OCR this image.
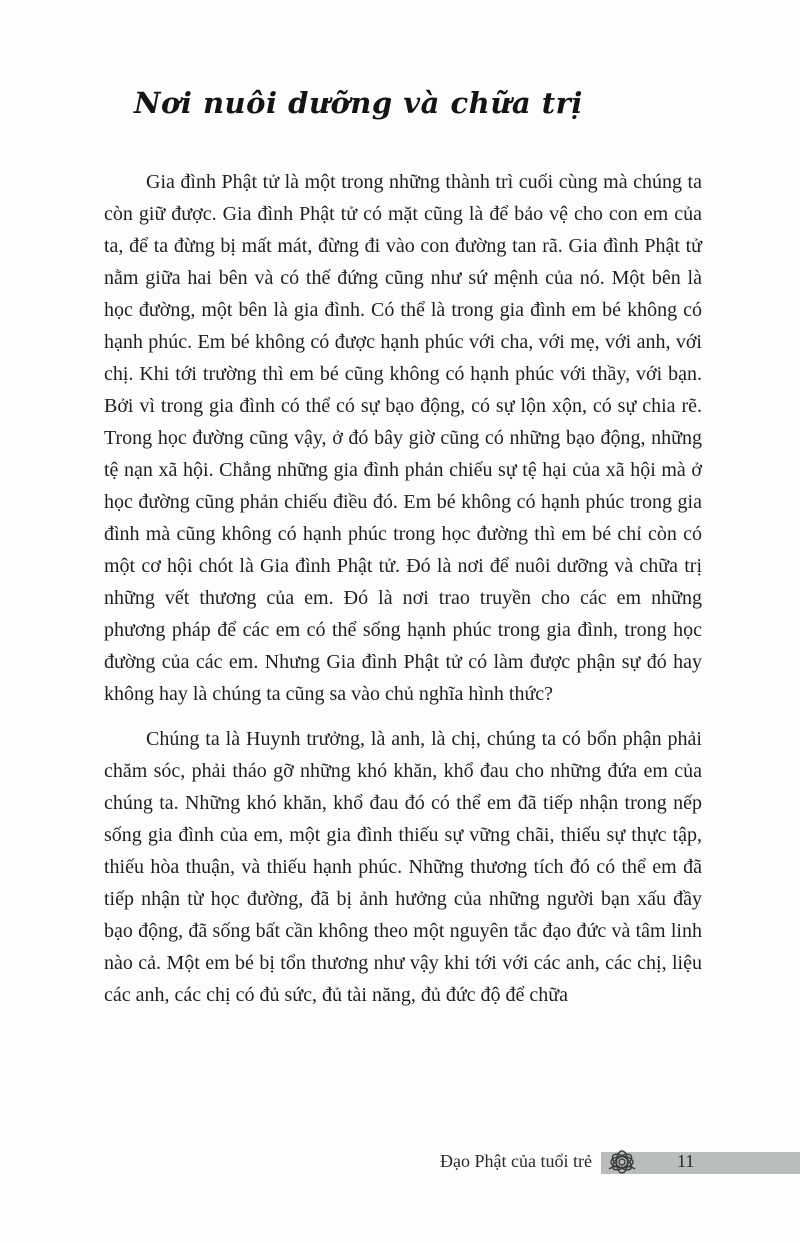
Nơi nuôi dưỡng và chữa trị

Gia đình Phật tử là một trong những thành trì cuối cùng mà chúng ta còn giữ được. Gia đình Phật tử có mặt cũng là để bảo vệ cho con em của ta, để ta đừng bị mất mát, đừng đi vào con đường tan rã. Gia đình Phật tử nằm giữa hai bên và có thế đứng cũng như sứ mệnh của nó. Một bên là học đường, một bên là gia đình. Có thể là trong gia đình em bé không có hạnh phúc. Em bé không có được hạnh phúc với cha, với mẹ, với anh, với chị. Khi tới trường thì em bé cũng không có hạnh phúc với thầy, với bạn. Bởi vì trong gia đình có thể có sự bạo động, có sự lộn xộn, có sự chia rẽ. Trong học đường cũng vậy, ở đó bây giờ cũng có những bạo động, những tệ nạn xã hội. Chẳng những gia đình phản chiếu sự tệ hại của xã hội mà ở học đường cũng phản chiếu điều đó. Em bé không có hạnh phúc trong gia đình mà cũng không có hạnh phúc trong học đường thì em bé chỉ còn có một cơ hội chót là Gia đình Phật tử. Đó là nơi để nuôi dưỡng và chữa trị những vết thương của em. Đó là nơi trao truyền cho các em những phương pháp để các em có thể sống hạnh phúc trong gia đình, trong học đường của các em. Nhưng Gia đình Phật tử có làm được phận sự đó hay không hay là chúng ta cũng sa vào chủ nghĩa hình thức?

Chúng ta là Huynh trưởng, là anh, là chị, chúng ta có bổn phận phải chăm sóc, phải tháo gỡ những khó khăn, khổ đau cho những đứa em của chúng ta. Những khó khăn, khổ đau đó có thể em đã tiếp nhận trong nếp sống gia đình của em, một gia đình thiếu sự vững chãi, thiếu sự thực tập, thiếu hòa thuận, và thiếu hạnh phúc. Những thương tích đó có thể em đã tiếp nhận từ học đường, đã bị ảnh hưởng của những người bạn xấu đầy bạo động, đã sống bất cần không theo một nguyên tắc đạo đức và tâm linh nào cả. Một em bé bị tổn thương như vậy khi tới với các anh, các chị, liệu các anh, các chị có đủ sức, đủ tài năng, đủ đức độ để chữa

Đạo Phật của tuổi trẻ	11
